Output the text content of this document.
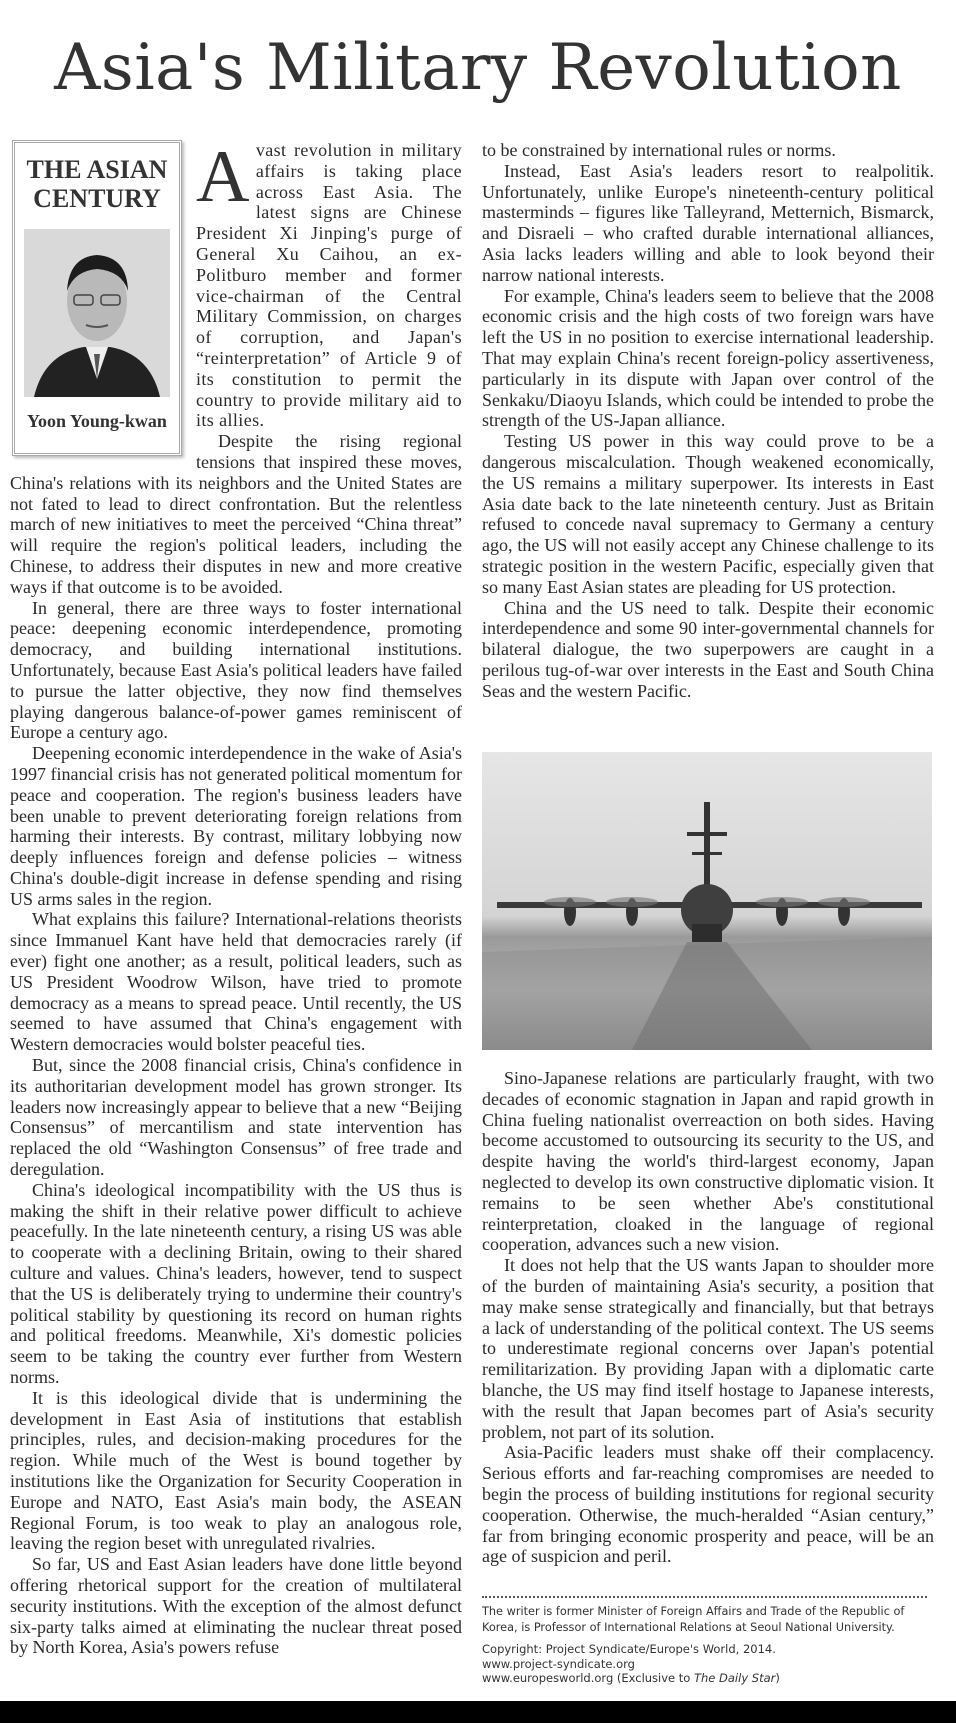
Asia's Military Revolution
THE ASIAN CENTURY
Yoon Young-kwan

Avast revolution in military affairs is taking place across East Asia. The latest signs are Chinese President Xi Jinping's purge of General Xu Caihou, an ex-Politburo member and former vice-chairman of the Central Military Commission, on charges of corruption, and Japan's “reinterpretation” of Article 9 of its constitution to permit the country to provide military aid to its allies.

Despite the rising regional tensions that inspired these moves, China's relations with its neighbors and the United States are not fated to lead to direct confrontation. But the relentless march of new initiatives to meet the perceived “China threat” will require the region's political leaders, including the Chinese, to address their disputes in new and more creative ways if that outcome is to be avoided.

In general, there are three ways to foster international peace: deepening economic interdependence, promoting democracy, and building international institutions. Unfortunately, because East Asia's political leaders have failed to pursue the latter objective, they now find themselves playing dangerous balance-of-power games reminiscent of Europe a century ago.

Deepening economic interdependence in the wake of Asia's 1997 financial crisis has not generated political momentum for peace and cooperation. The region's business leaders have been unable to prevent deteriorating foreign relations from harming their interests. By contrast, military lobbying now deeply influences foreign and defense policies – witness China's double-digit increase in defense spending and rising US arms sales in the region.

What explains this failure? International-relations theorists since Immanuel Kant have held that democracies rarely (if ever) fight one another; as a result, political leaders, such as US President Woodrow Wilson, have tried to promote democracy as a means to spread peace. Until recently, the US seemed to have assumed that China's engagement with Western democracies would bolster peaceful ties.

But, since the 2008 financial crisis, China's confidence in its authoritarian development model has grown stronger. Its leaders now increasingly appear to believe that a new “Beijing Consensus” of mercantilism and state intervention has replaced the old “Washington Consensus” of free trade and deregulation.

China's ideological incompatibility with the US thus is making the shift in their relative power difficult to achieve peacefully. In the late nineteenth century, a rising US was able to cooperate with a declining Britain, owing to their shared culture and values. China's leaders, however, tend to suspect that the US is deliberately trying to undermine their country's political stability by questioning its record on human rights and political freedoms. Meanwhile, Xi's domestic policies seem to be taking the country ever further from Western norms.

It is this ideological divide that is undermining the development in East Asia of institutions that establish principles, rules, and decision-making procedures for the region. While much of the West is bound together by institutions like the Organization for Security Cooperation in Europe and NATO, East Asia's main body, the ASEAN Regional Forum, is too weak to play an analogous role, leaving the region beset with unregulated rivalries.

So far, US and East Asian leaders have done little beyond offering rhetorical support for the creation of multilateral security institutions. With the exception of the almost defunct six-party talks aimed at eliminating the nuclear threat posed by North Korea, Asia's powers refuse

to be constrained by international rules or norms.

Instead, East Asia's leaders resort to realpolitik. Unfortunately, unlike Europe's nineteenth-century political masterminds – figures like Talleyrand, Metternich, Bismarck, and Disraeli – who crafted durable international alliances, Asia lacks leaders willing and able to look beyond their narrow national interests.

For example, China's leaders seem to believe that the 2008 economic crisis and the high costs of two foreign wars have left the US in no position to exercise international leadership. That may explain China's recent foreign-policy assertiveness, particularly in its dispute with Japan over control of the Senkaku/Diaoyu Islands, which could be intended to probe the strength of the US-Japan alliance.

Testing US power in this way could prove to be a dangerous miscalculation. Though weakened economically, the US remains a military superpower. Its interests in East Asia date back to the late nineteenth century. Just as Britain refused to concede naval supremacy to Germany a century ago, the US will not easily accept any Chinese challenge to its strategic position in the western Pacific, especially given that so many East Asian states are pleading for US protection.

China and the US need to talk. Despite their economic interdependence and some 90 inter-governmental channels for bilateral dialogue, the two superpowers are caught in a perilous tug-of-war over interests in the East and South China Seas and the western Pacific.

Sino-Japanese relations are particularly fraught, with two decades of economic stagnation in Japan and rapid growth in China fueling nationalist overreaction on both sides. Having become accustomed to outsourcing its security to the US, and despite having the world's third-largest economy, Japan neglected to develop its own constructive diplomatic vision. It remains to be seen whether Abe's constitutional reinterpretation, cloaked in the language of regional cooperation, advances such a new vision.

It does not help that the US wants Japan to shoulder more of the burden of maintaining Asia's security, a position that may make sense strategically and financially, but that betrays a lack of understanding of the political context. The US seems to underestimate regional concerns over Japan's potential remilitarization. By providing Japan with a diplomatic carte blanche, the US may find itself hostage to Japanese interests, with the result that Japan becomes part of Asia's security problem, not part of its solution.

Asia-Pacific leaders must shake off their complacency. Serious efforts and far-reaching compromises are needed to begin the process of building institutions for regional security cooperation. Otherwise, the much-heralded “Asian century,” far from bringing economic prosperity and peace, will be an age of suspicion and peril.

The writer is former Minister of Foreign Affairs and Trade of the Republic of Korea, is Professor of International Relations at Seoul National University.

Copyright: Project Syndicate/Europe's World, 2014.
www.project-syndicate.org
www.europesworld.org (Exclusive to The Daily Star)
